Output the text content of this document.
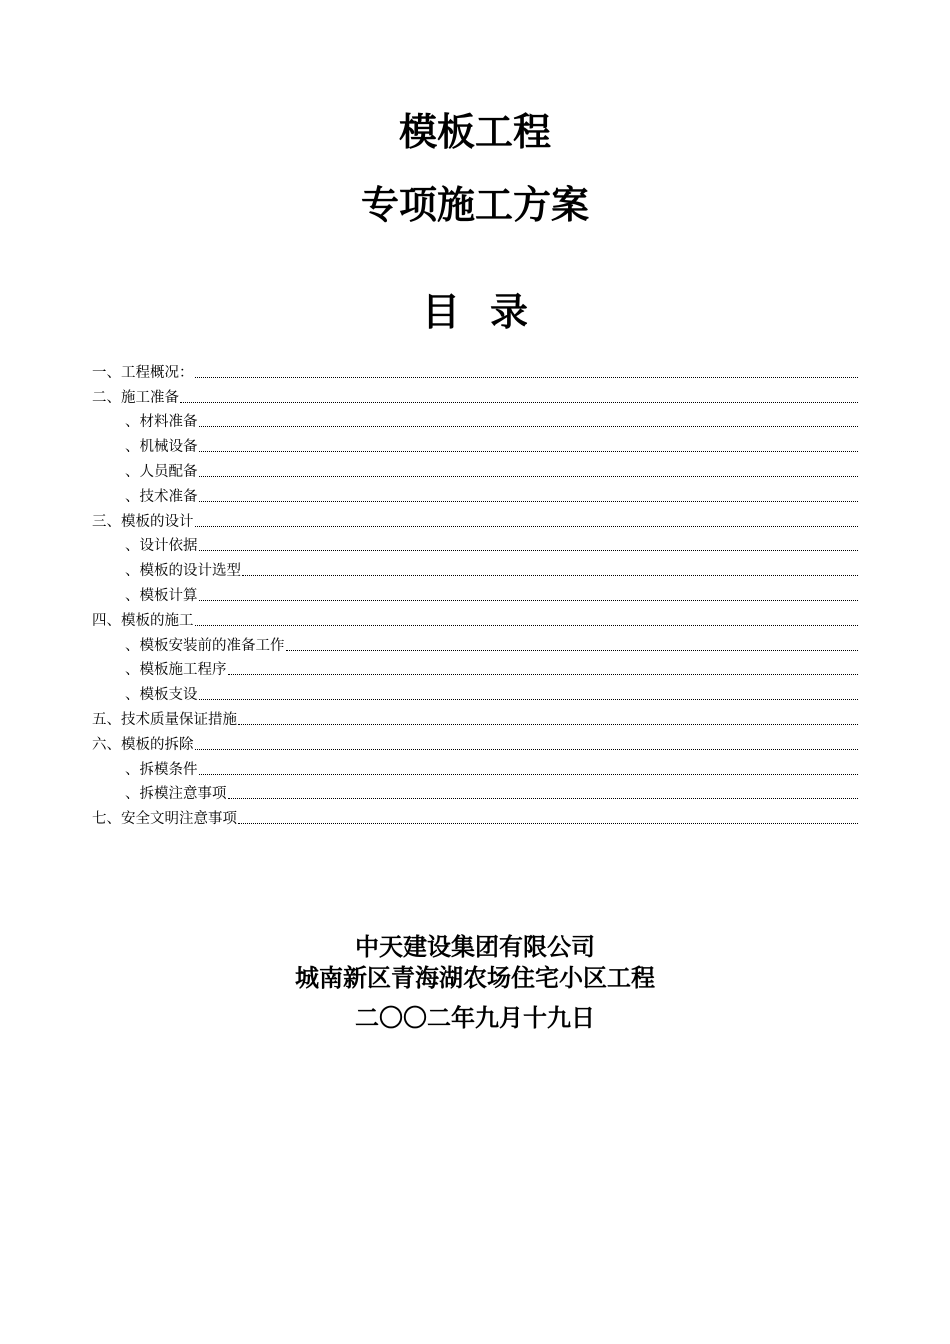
模板工程
专项施工方案
目录
一、工程概况：
二、施工准备
、材料准备
、机械设备
、人员配备
、技术准备
三、模板的设计
、设计依据
、模板的设计选型
、模板计算
四、模板的施工
、模板安装前的准备工作
、模板施工程序
、模板支设
五、技术质量保证措施
六、模板的拆除
、拆模条件
、拆模注意事项
七、安全文明注意事项
中天建设集团有限公司
城南新区青海湖农场住宅小区工程
二〇〇二年九月十九日
